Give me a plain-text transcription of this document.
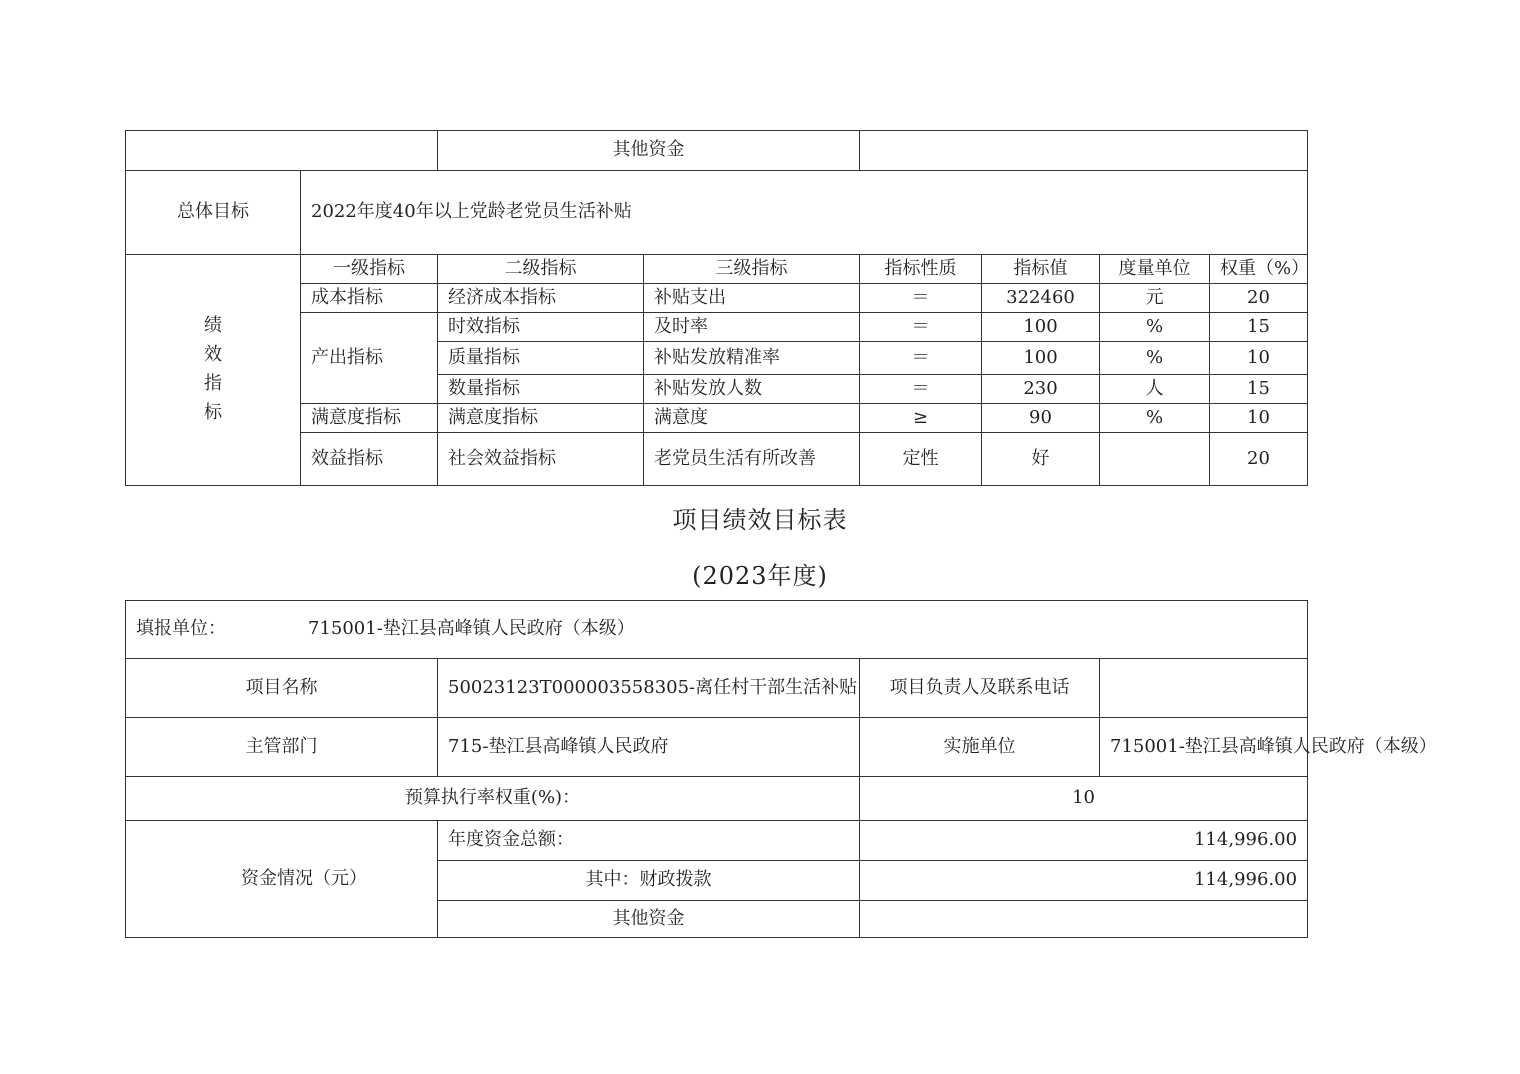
		其他资金					
总体目标	2022年度40年以上党龄老党员生活补贴						
绩效指标	一级指标	二级指标	三级指标	指标性质	指标值	度量单位	权重（%）
	成本指标	经济成本指标	补贴支出	＝	322460	元	20
	产出指标	时效指标	及时率	＝	100	%	15
		质量指标	补贴发放精准率	＝	100	%	10
		数量指标	补贴发放人数	＝	230	人	15
	满意度指标	满意度指标	满意度	≥	90	%	10
	效益指标	社会效益指标	老党员生活有所改善	定性	好		20
项目绩效目标表
(2023年度)
填报单位： 715001-垫江县高峰镇人民政府（本级）			
项目名称	50023123T000003558305-离任村干部生活补贴	项目负责人及联系电话	
主管部门	715-垫江县高峰镇人民政府	实施单位	715001-垫江县高峰镇人民政府（本级）
预算执行率权重(%)：		10	
资金情况（元）	年度资金总额：	114,996.00	
	其中：财政拨款	114,996.00	
	其他资金		
